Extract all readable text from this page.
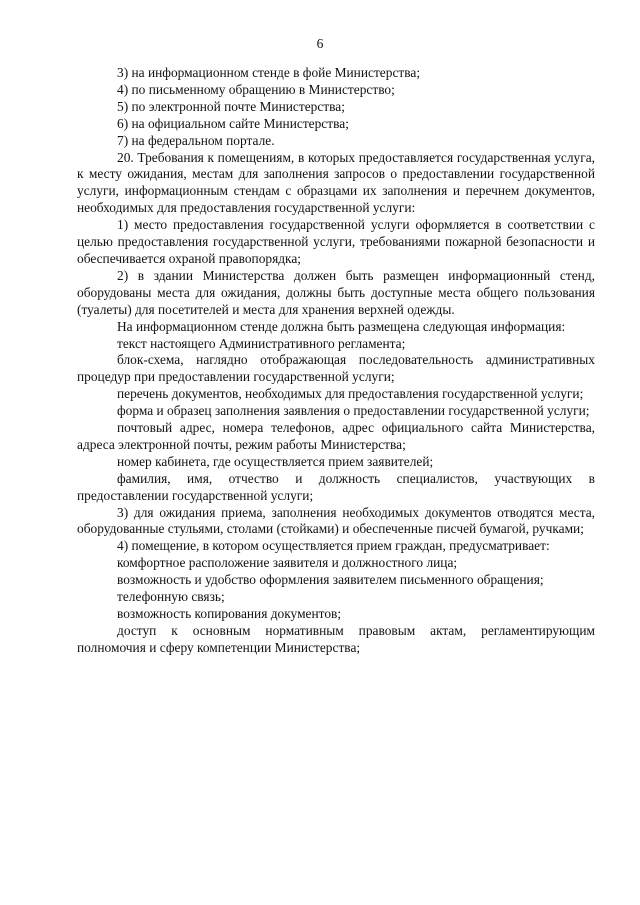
6

3) на информационном стенде в фойе Министерства;

4) по письменному обращению в Министерство;

5) по электронной почте Министерства;

6) на официальном сайте Министерства;

7) на федеральном портале.

20. Требования к помещениям, в которых предоставляется государственная услуга, к месту ожидания, местам для заполнения запросов о предоставлении государственной услуги, информационным стендам с образцами их заполнения и перечнем документов, необходимых для предоставления государственной услуги:

1) место предоставления государственной услуги оформляется в соответствии с целью предоставления государственной услуги, требованиями пожарной безопасности и обеспечивается охраной правопорядка;

2) в здании Министерства должен быть размещен информационный стенд, оборудованы места для ожидания, должны быть доступные места общего пользования (туалеты) для посетителей и места для хранения верхней одежды.

На информационном стенде должна быть размещена следующая информация:

текст настоящего Административного регламента;

блок-схема, наглядно отображающая последовательность административных процедур при предоставлении государственной услуги;

перечень документов, необходимых для предоставления государственной услуги;

форма и образец заполнения заявления о предоставлении государственной услуги;

почтовый адрес, номера телефонов, адрес официального сайта Министерства, адреса электронной почты, режим работы Министерства;

номер кабинета, где осуществляется прием заявителей;

фамилия, имя, отчество и должность специалистов, участвующих в предоставлении государственной услуги;

3) для ожидания приема, заполнения необходимых документов отводятся места, оборудованные стульями, столами (стойками) и обеспеченные писчей бумагой, ручками;

4) помещение, в котором осуществляется прием граждан, предусматривает:

комфортное расположение заявителя и должностного лица;

возможность и удобство оформления заявителем письменного обращения;

телефонную связь;

возможность копирования документов;

доступ к основным нормативным правовым актам, регламентирующим полномочия и сферу компетенции Министерства;
